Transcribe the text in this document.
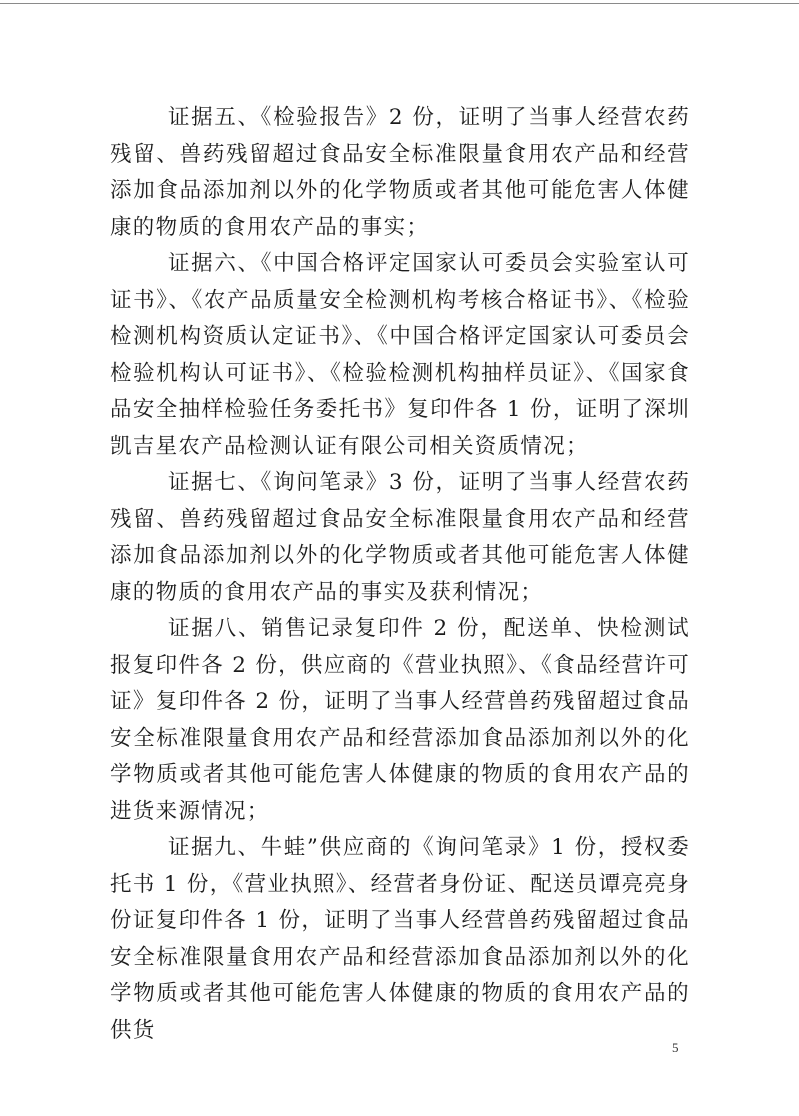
证据五、《检验报告》2 份，证明了当事人经营农药残留、兽药残留超过食品安全标准限量食用农产品和经营添加食品添加剂以外的化学物质或者其他可能危害人体健康的物质的食用农产品的事实；

证据六、《中国合格评定国家认可委员会实验室认可证书》、《农产品质量安全检测机构考核合格证书》、《检验检测机构资质认定证书》、《中国合格评定国家认可委员会检验机构认可证书》、《检验检测机构抽样员证》、《国家食品安全抽样检验任务委托书》复印件各 1 份，证明了深圳凯吉星农产品检测认证有限公司相关资质情况；

证据七、《询问笔录》3 份，证明了当事人经营农药残留、兽药残留超过食品安全标准限量食用农产品和经营添加食品添加剂以外的化学物质或者其他可能危害人体健康的物质的食用农产品的事实及获利情况；

证据八、销售记录复印件 2 份，配送单、快检测试报复印件各 2 份，供应商的《营业执照》、《食品经营许可证》复印件各 2 份，证明了当事人经营兽药残留超过食品安全标准限量食用农产品和经营添加食品添加剂以外的化学物质或者其他可能危害人体健康的物质的食用农产品的进货来源情况；

证据九、牛蛙”供应商的《询问笔录》1 份，授权委托书 1 份，《营业执照》、经营者身份证、配送员谭亮亮身份证复印件各 1 份，证明了当事人经营兽药残留超过食品安全标准限量食用农产品和经营添加食品添加剂以外的化学物质或者其他可能危害人体健康的物质的食用农产品的供货

5
